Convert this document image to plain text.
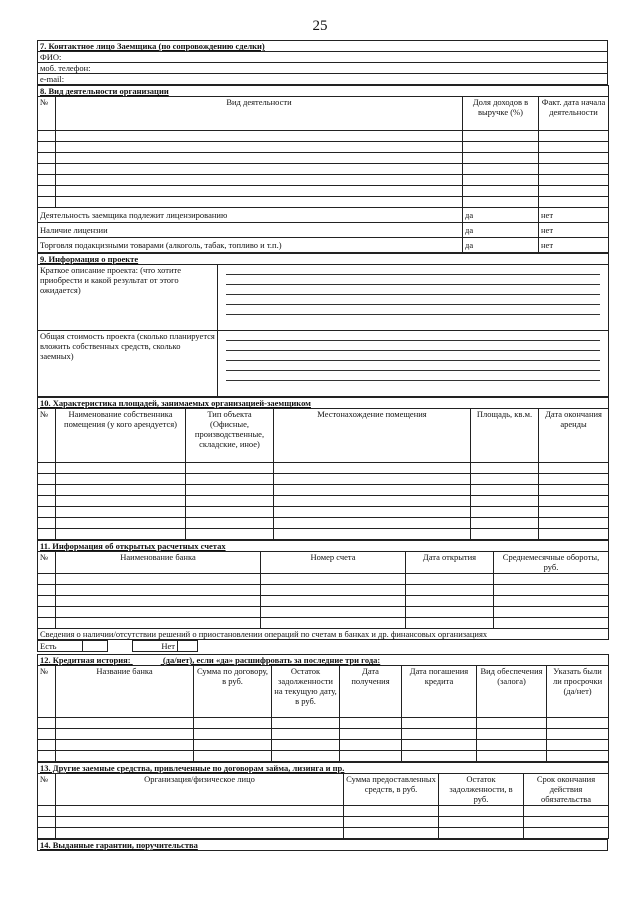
25
7. Контактное лицо Заемщика (по сопровождению сделки)
ФИО:
моб. телефон:
e-mail:
8. Вид деятельности организации			
№	Вид деятельности	Доля доходов в выручке (%)	Факт. дата начала деятельности

Деятельность заемщика подлежит лицензированию		да	нет
Наличие лицензии		да	нет
Торговля подакцизными товарами (алкоголь, табак, топливо и т.п.)		да	нет
9. Информация о проекте	
Краткое описание проекта: (что хотите приобрести и какой результат от этого ожидается)	

Общая стоимость проекта (сколько планируется вложить собственных средств, сколько заемных)	
10. Характеристика площадей, занимаемых организацией-заемщиком					
№	Наименование собственника помещения (у кого арендуется)	Тип объекта (Офисные, производственные, складские, иное)	Местонахождение помещения	Площадь, кв.м.	Дата окончания аренды

11. Информация об открытых расчетных счетах				
№	Наименование банка	Номер счета	Дата открытия	Среднемесячные обороты, руб.

Сведения о наличии/отсутствии решений о приостановлении операций по счетам в банках и др. финансовых организациях				
Есть			Нет		
12. Кредитная история: (да/нет), если «да» расшифровать за последние три года:							
№	Название банка	Сумма по договору, в руб.	Остаток задолженности на текущую дату, в руб.	Дата получения	Дата погашения кредита	Вид обеспечения (залога)	Указать были ли просрочки (да/нет)

13. Другие заемные средства, привлеченные по договорам займа, лизинга и пр.				
№	Организация/физическое лицо	Сумма предоставленных средств, в руб.	Остаток задолженности, в руб.	Срок окончания действия обязательства

14. Выданные гарантии, поручительства
